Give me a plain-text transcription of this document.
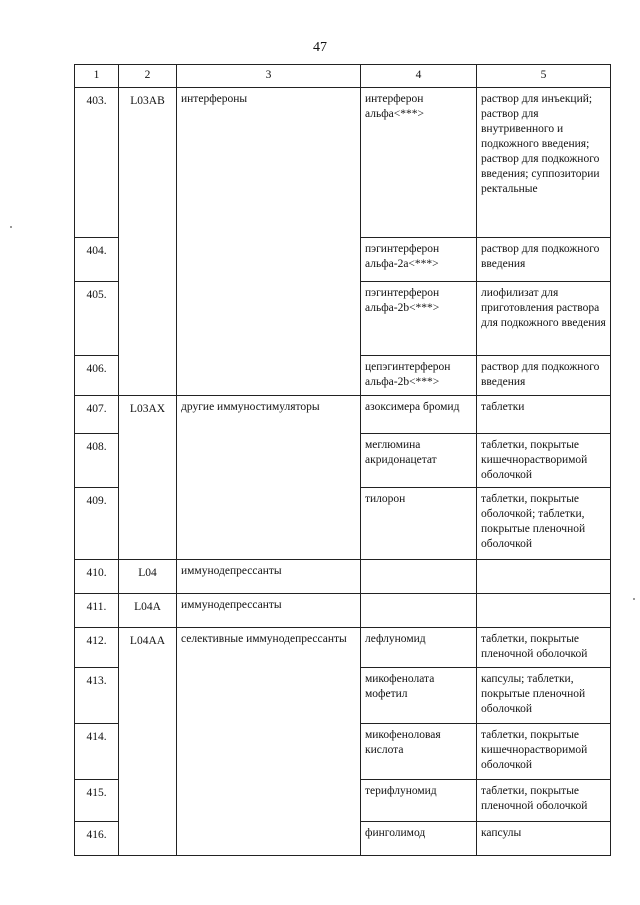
47
1	2	3	4	5
403.	L03AB	интерфероны	интерферон альфа<***>	раствор для инъекций; раствор для внутривенного и подкожного введения; раствор для подкожного введения; суппозитории ректальные
404.			пэгинтерферон альфа-2а<***>	раствор для подкожного введения
405.			пэгинтерферон альфа-2b<***>	лиофилизат для приготовления раствора для подкожного введения
406.			цепэгинтерферон альфа-2b<***>	раствор для подкожного введения
407.	L03AX	другие иммуностимуляторы	азоксимера бромид	таблетки
408.			меглюмина акридонацетат	таблетки, покрытые кишечнорастворимой оболочкой
409.			тилорон	таблетки, покрытые оболочкой; таблетки, покрытые пленочной оболочкой
410.	L04	иммунодепрессанты		
411.	L04A	иммунодепрессанты		
412.	L04AA	селективные иммунодепрессанты	лефлуномид	таблетки, покрытые пленочной оболочкой
413.			микофенолата мофетил	капсулы; таблетки, покрытые пленочной оболочкой
414.			микофеноловая кислота	таблетки, покрытые кишечнорастворимой оболочкой
415.			терифлуномид	таблетки, покрытые пленочной оболочкой
416.			финголимод	капсулы
